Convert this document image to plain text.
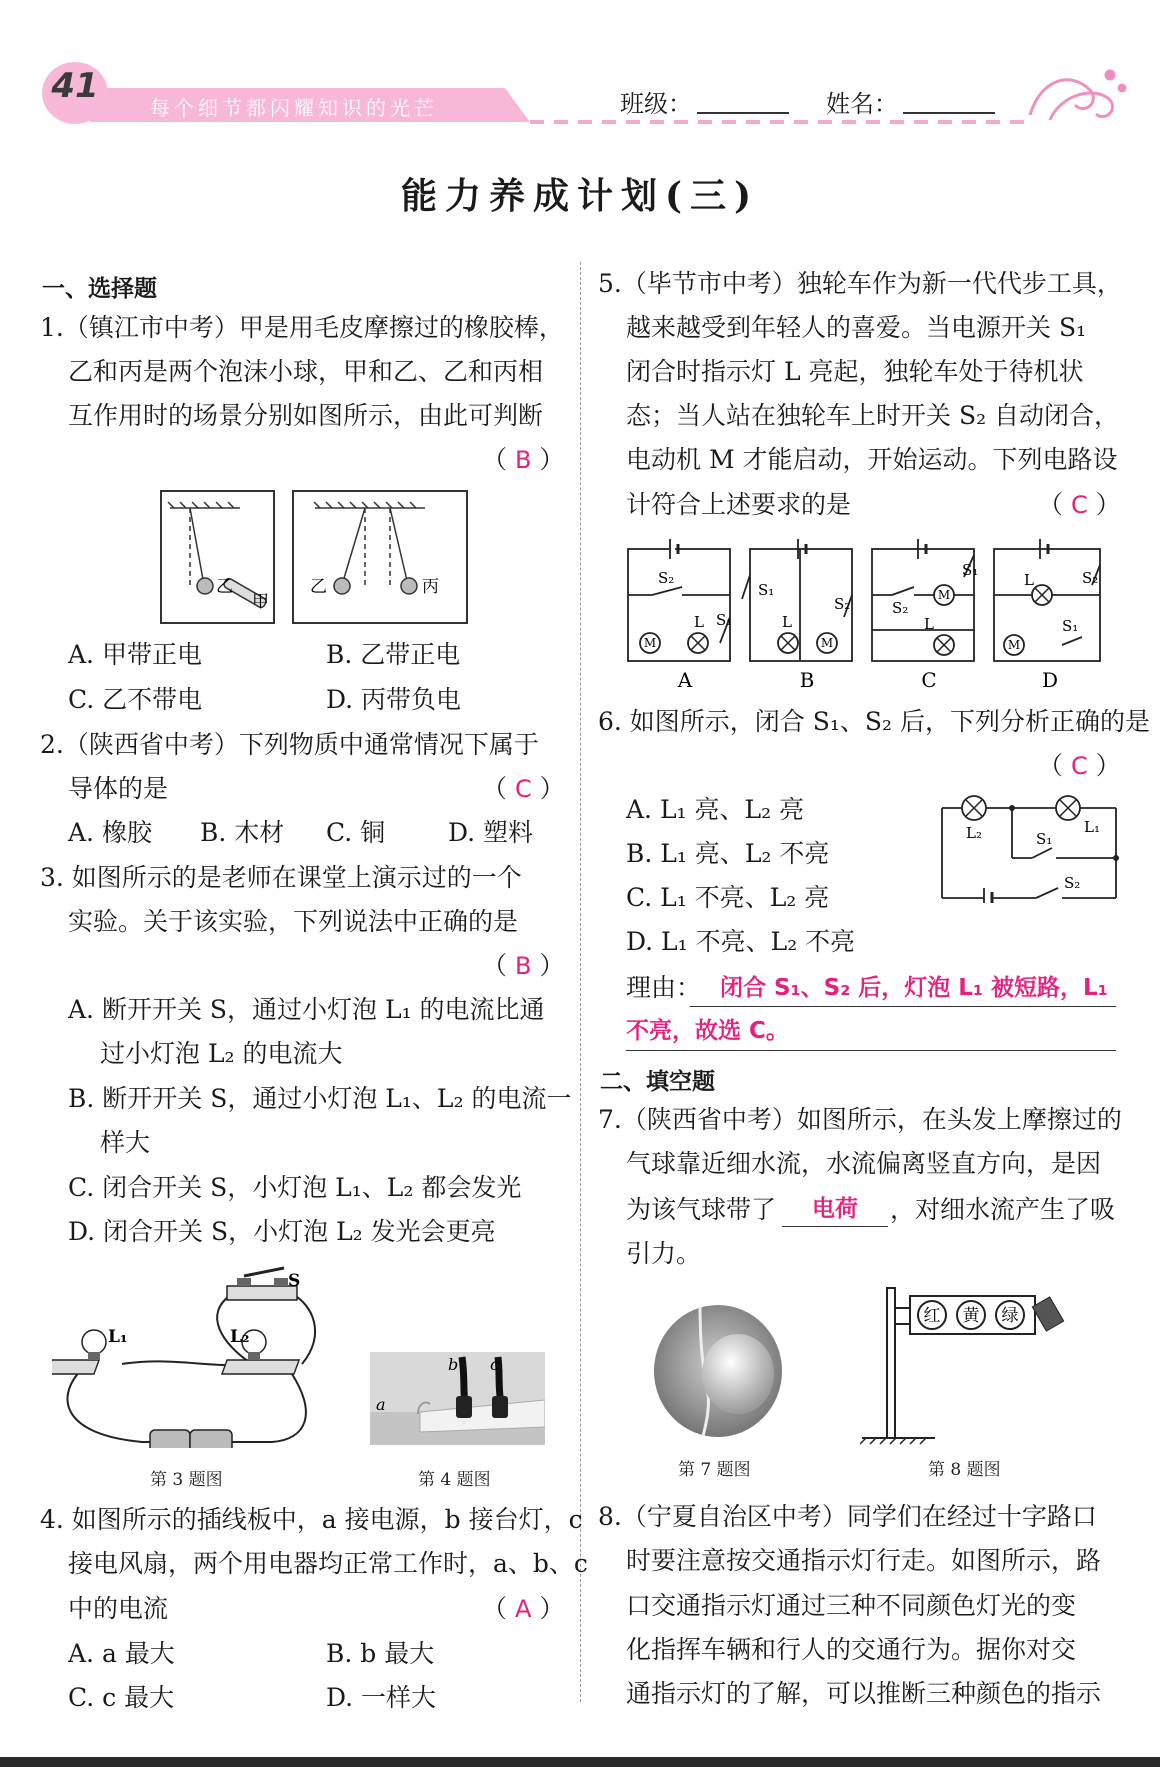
41
每个细节都闪耀知识的光芒	班级：	姓名：
能力养成计划(三)
一、选择题
1.（镇江市中考）甲是用毛皮摩擦过的橡胶棒，
乙和丙是两个泡沫小球，甲和乙、乙和丙相
互作用时的场景分别如图所示，由此可判断
（ B ）
乙
甲
乙	丙
A. 甲带正电	B. 乙带正电
C. 乙不带电	D. 丙带负电
2.（陕西省中考）下列物质中通常情况下属于
导体的是	（ C ）
A. 橡胶 B. 木材 C. 铜	D. 塑料
3. 如图所示的是老师在课堂上演示过的一个
实验。关于该实验，下列说法中正确的是
（ B ）
A. 断开开关 S，通过小灯泡 L₁ 的电流比通
过小灯泡 L₂ 的电流大
B. 断开开关 S，通过小灯泡 L₁、L₂ 的电流一
样大
C. 闭合开关 S，小灯泡 L₁、L₂ 都会发光
D. 闭合开关 S，小灯泡 L₂ 发光会更亮
S
L₁	L₂
第 3 题图
b c
a
第 4 题图
4. 如图所示的插线板中，a 接电源，b 接台灯，c
接电风扇，两个用电器均正常工作时，a、b、c
中的电流	（ A ）
A. a 最大	B. b 最大
C. c 最大	D. 一样大
5.（毕节市中考）独轮车作为新一代代步工具，
越来越受到年轻人的喜爱。当电源开关 S₁
闭合时指示灯 L 亮起，独轮车处于待机状
态；当人站在独轮车上时开关 S₂ 自动闭合，
电动机 M 才能启动，开始运动。下列电路设
计符合上述要求的是	（ C ）
M	M
M
M
S₂
S₁
L
S₁
S₂
L
S₂
S₁
L
L	S₂
S₁
A	B	C	D
6. 如图所示，闭合 S₁、S₂ 后，下列分析正确的是
（ C ）
A. L₁ 亮、L₂ 亮
B. L₁ 亮、L₂ 不亮
C. L₁ 不亮、L₂ 亮
D. L₁ 不亮、L₂ 不亮
L₂	L₁
S₁
S₂
理由： 闭合 S₁、S₂ 后，灯泡 L₁ 被短路，L₁
不亮，故选 C。
二、填空题
7.（陕西省中考）如图所示，在头发上摩擦过的
气球靠近细水流，水流偏离竖直方向，是因
为该气球带了	电荷	，对细水流产生了吸
引力。
第 7 题图
红 黄 绿
第 8 题图
8.（宁夏自治区中考）同学们在经过十字路口
时要注意按交通指示灯行走。如图所示，路
口交通指示灯通过三种不同颜色灯光的变
化指挥车辆和行人的交通行为。据你对交
通指示灯的了解，可以推断三种颜色的指示
